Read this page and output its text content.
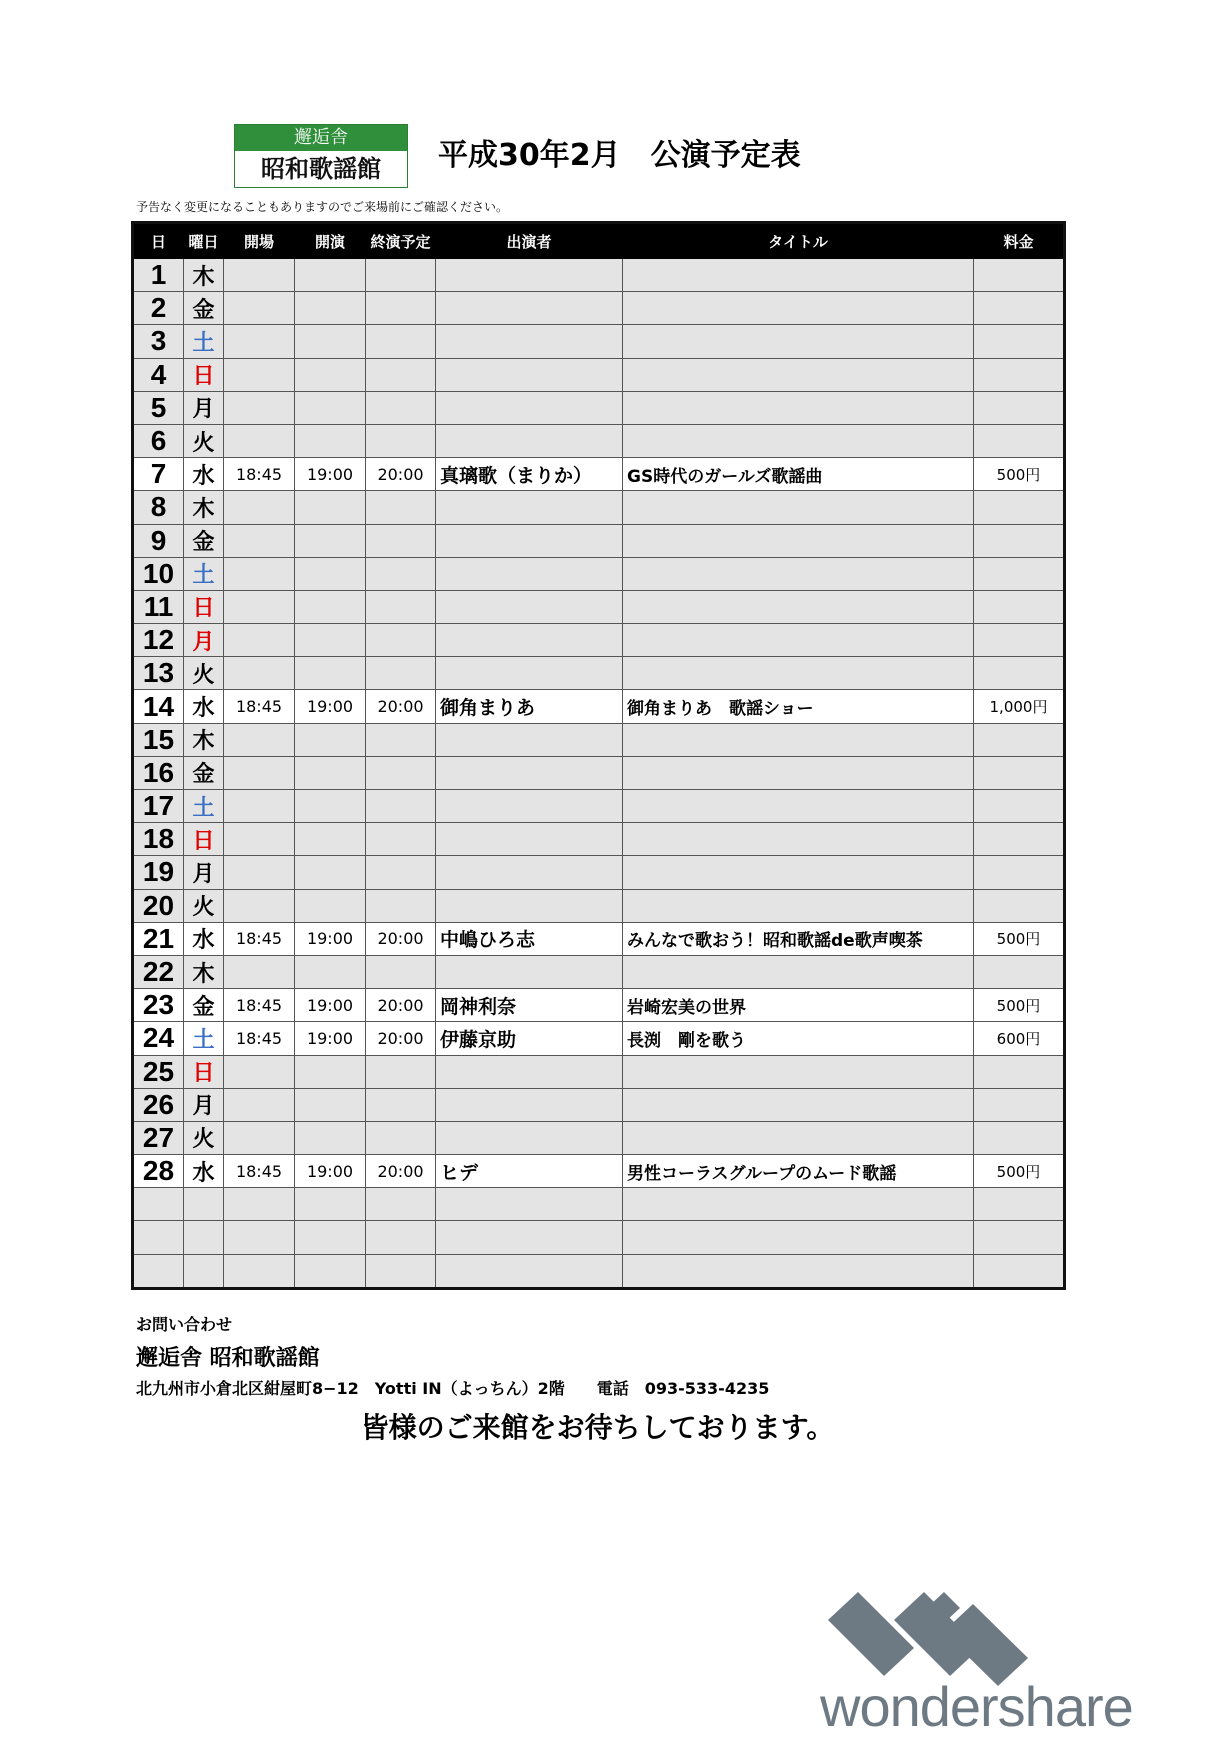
邂逅舎
昭和歌謡館	平成30年2月　公演予定表
予告なく変更になることもありますのでご来場前にご確認ください。
日	曜日	開場	開演	終演予定	出演者	タイトル	料金
1	木						
2	金						
3	土						
4	日						
5	月						
6	火						
7	水	18:45	19:00	20:00	真璃歌（まりか）	GS時代のガールズ歌謡曲	500円
8	木						
9	金						
10	土						
11	日						
12	月						
13	火						
14	水	18:45	19:00	20:00	御角まりあ	御角まりあ　歌謡ショー	1,000円
15	木						
16	金						
17	土						
18	日						
19	月						
20	火						
21	水	18:45	19:00	20:00	中嶋ひろ志	みんなで歌おう！昭和歌謡de歌声喫茶	500円
22	木						
23	金	18:45	19:00	20:00	岡神利奈	岩崎宏美の世界	500円
24	土	18:45	19:00	20:00	伊藤京助	長渕　剛を歌う	600円
25	日						
26	月						
27	火						
28	水	18:45	19:00	20:00	ヒデ	男性コーラスグループのムード歌謡	500円

お問い合わせ
邂逅舎 昭和歌謡館
北九州市小倉北区紺屋町8−12　Yotti IN（よっちん）2階　　電話　093-533-4235
皆様のご来館をお待ちしております。
wondershare
